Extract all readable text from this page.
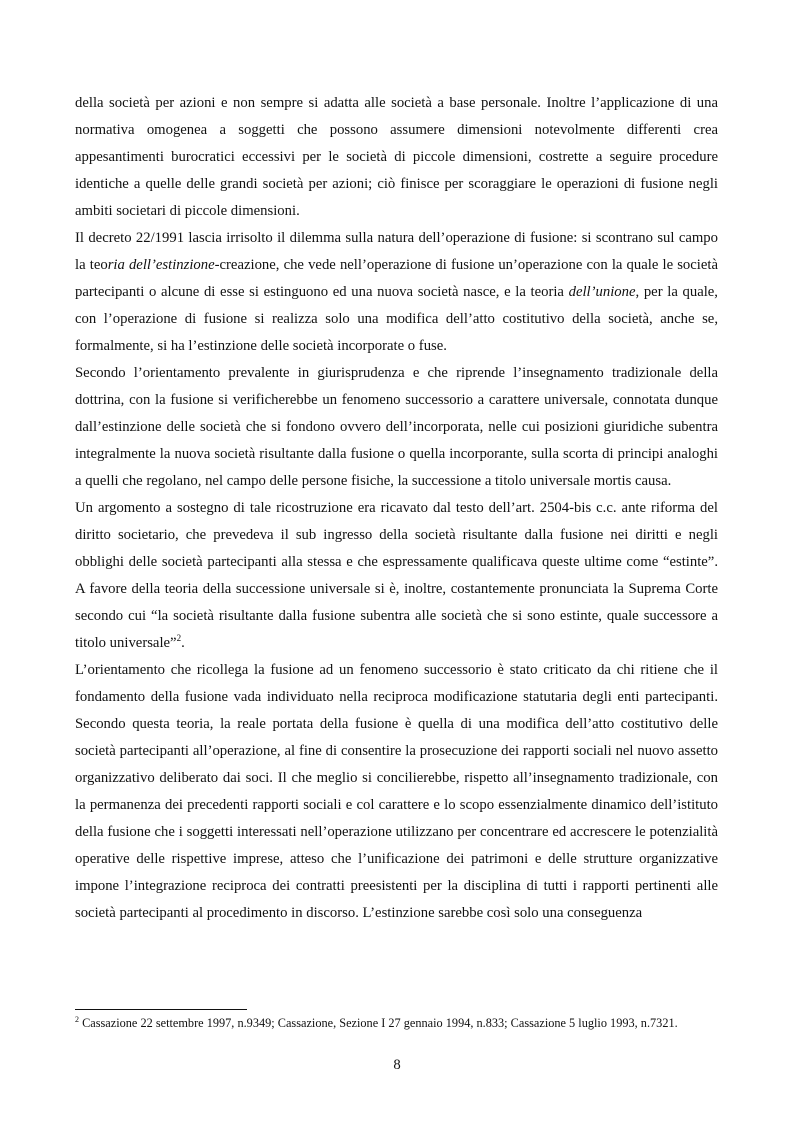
della società per azioni e non sempre si adatta alle società a base personale. Inoltre l’applicazione di una normativa omogenea a soggetti che possono assumere dimensioni notevolmente differenti crea appesantimenti burocratici eccessivi per le società di piccole dimensioni, costrette a seguire procedure identiche a quelle delle grandi società per azioni; ciò finisce per scoraggiare le operazioni di fusione negli ambiti societari di piccole dimensioni.

Il decreto 22/1991 lascia irrisolto il dilemma sulla natura dell’operazione di fusione: si scontrano sul campo la teoria dell’estinzione-creazione, che vede nell’operazione di fusione un’operazione con la quale le società partecipanti o alcune di esse si estinguono ed una nuova società nasce, e la teoria dell’unione, per la quale, con l’operazione di fusione si realizza solo una modifica dell’atto costitutivo della società, anche se, formalmente, si ha l’estinzione delle società incorporate o fuse.

Secondo l’orientamento prevalente in giurisprudenza e che riprende l’insegnamento tradizionale della dottrina, con la fusione si verificherebbe un fenomeno successorio a carattere universale, connotata dunque dall’estinzione delle società che si fondono ovvero dell’incorporata, nelle cui posizioni giuridiche subentra integralmente la nuova società risultante dalla fusione o quella incorporante, sulla scorta di principi analoghi a quelli che regolano, nel campo delle persone fisiche, la successione a titolo universale mortis causa.

Un argomento a sostegno di tale ricostruzione era ricavato dal testo dell’art. 2504-bis c.c. ante riforma del diritto societario, che prevedeva il sub ingresso della società risultante dalla fusione nei diritti e negli obblighi delle società partecipanti alla stessa e che espressamente qualificava queste ultime come “estinte”. A favore della teoria della successione universale si è, inoltre, costantemente pronunciata la Suprema Corte secondo cui “la società risultante dalla fusione subentra alle società che si sono estinte, quale successore a titolo universale”$^2$.

L’orientamento che ricollega la fusione ad un fenomeno successorio è stato criticato da chi ritiene che il fondamento della fusione vada individuato nella reciproca modificazione statutaria degli enti partecipanti. Secondo questa teoria, la reale portata della fusione è quella di una modifica dell’atto costitutivo delle società partecipanti all’operazione, al fine di consentire la prosecuzione dei rapporti sociali nel nuovo assetto organizzativo deliberato dai soci. Il che meglio si concilierebbe, rispetto all’insegnamento tradizionale, con la permanenza dei precedenti rapporti sociali e col carattere e lo scopo essenzialmente dinamico dell’istituto della fusione che i soggetti interessati nell’operazione utilizzano per concentrare ed accrescere le potenzialità operative delle rispettive imprese, atteso che l’unificazione dei patrimoni e delle strutture organizzative impone l’integrazione reciproca dei contratti preesistenti per la disciplina di tutti i rapporti pertinenti alle società partecipanti al procedimento in discorso. L’estinzione sarebbe così solo una conseguenza

$^2$ Cassazione 22 settembre 1997, n.9349; Cassazione, Sezione I 27 gennaio 1994, n.833; Cassazione 5 luglio 1993, n.7321.

8
